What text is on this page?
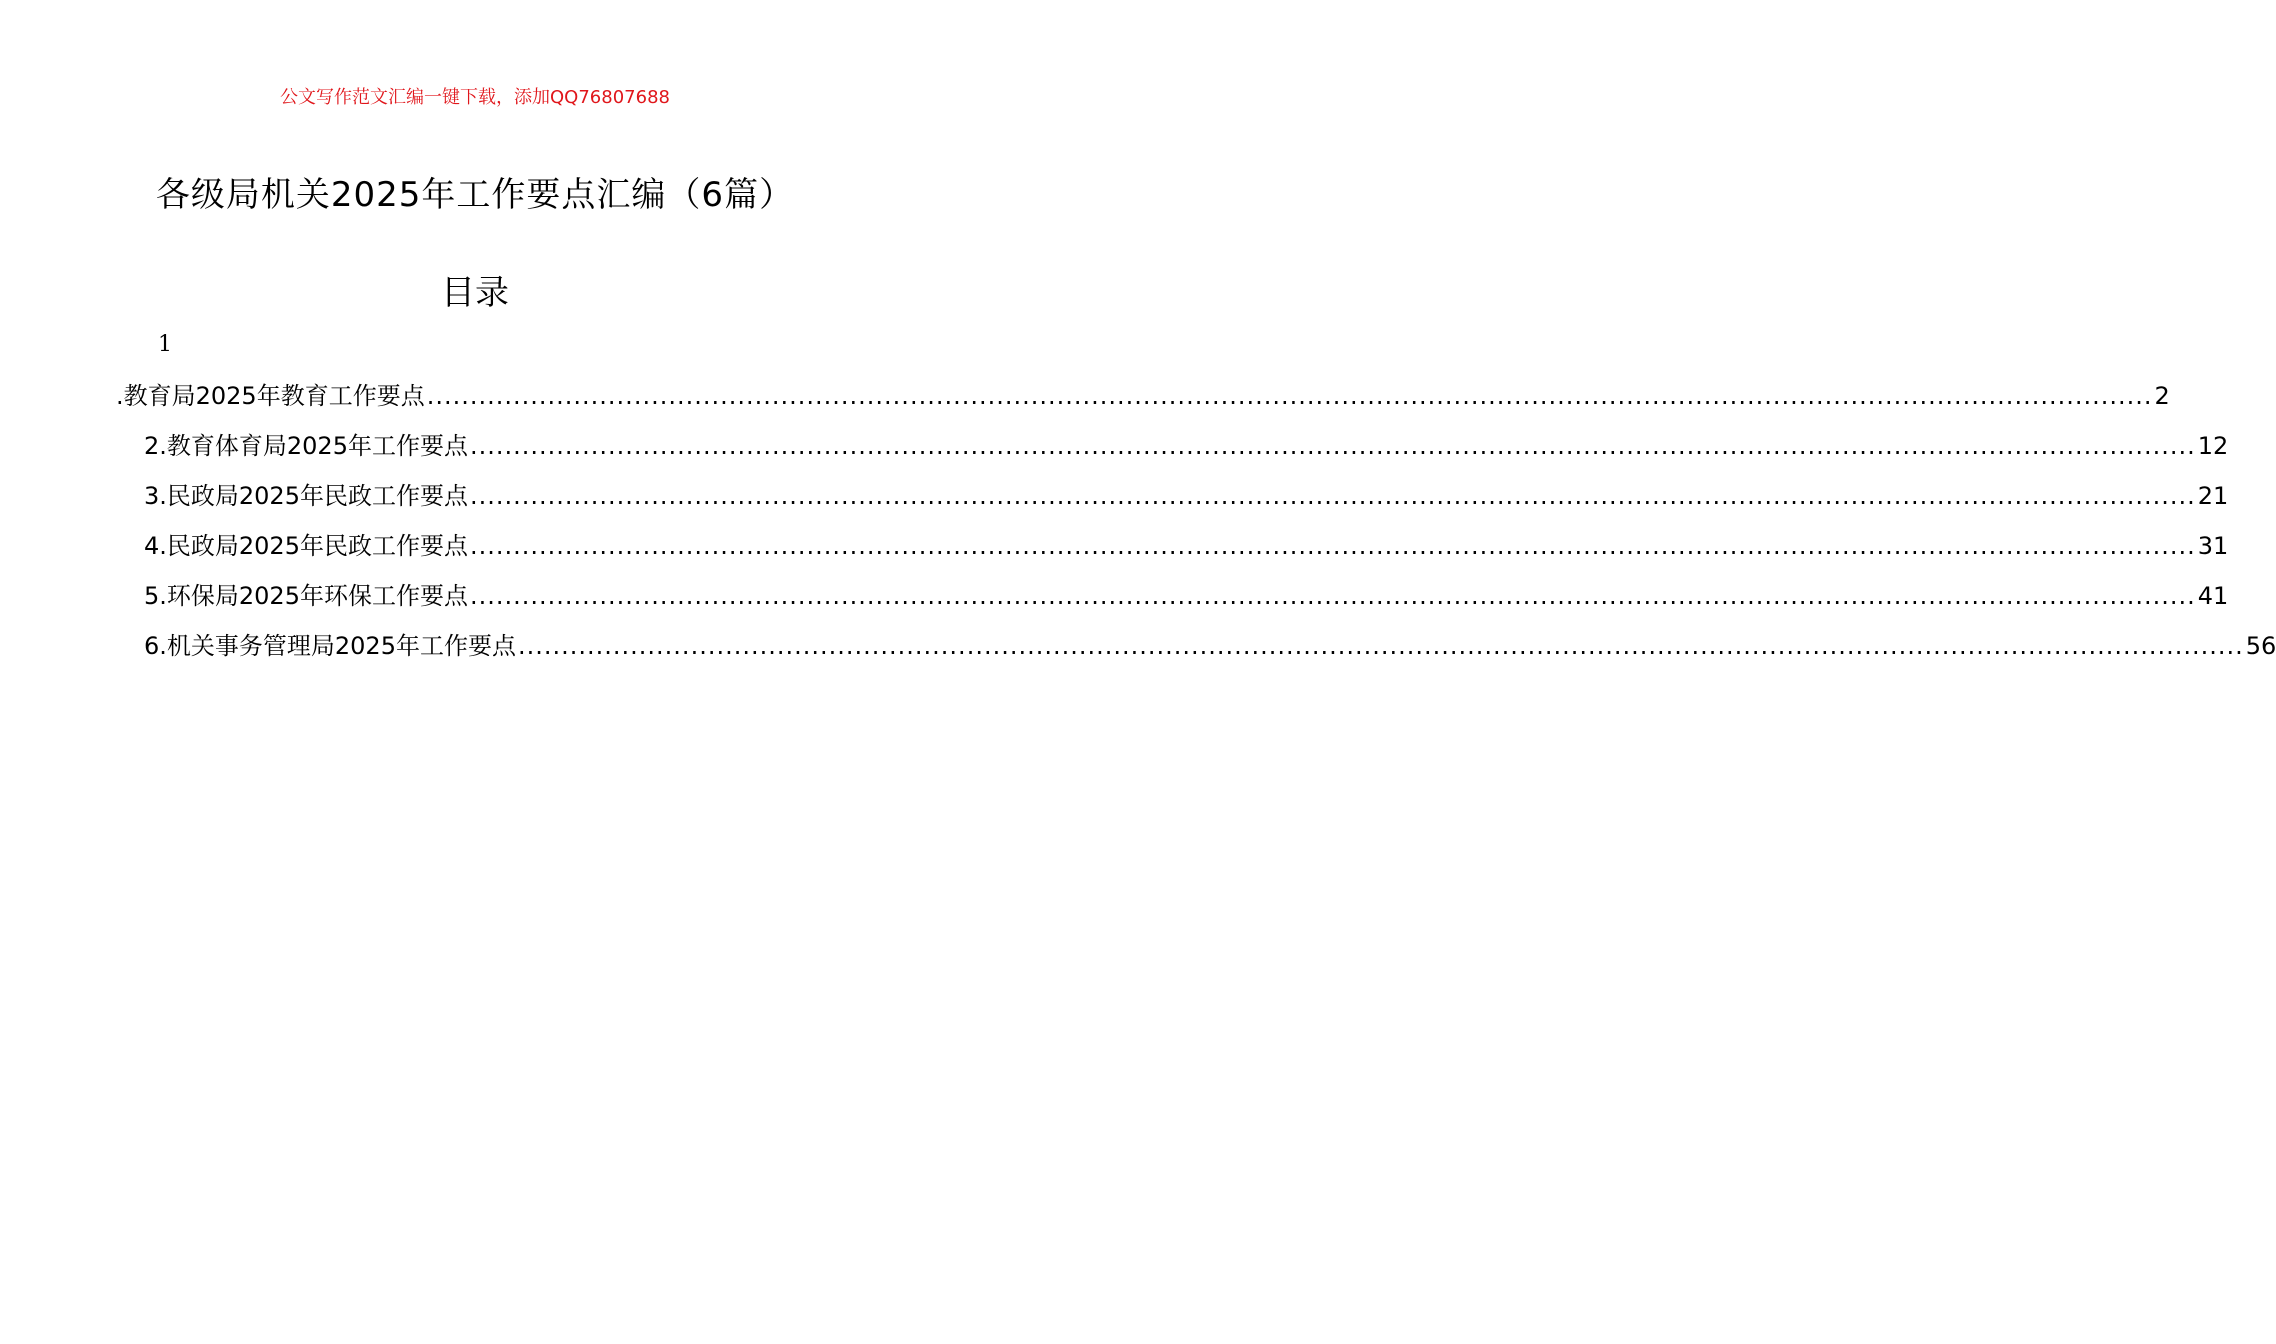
公文写作范文汇编一键下载，添加QQ76807688
各级局机关2025年工作要点汇编（6篇）
目录
1
.教育局2025年教育工作要点 ........................................................................................................................................................................................................ 2
2.教育体育局2025年工作要点 ........................................................................................................................................................................................................ 12
3.民政局2025年民政工作要点 ........................................................................................................................................................................................................ 21
4.民政局2025年民政工作要点 ........................................................................................................................................................................................................ 31
5.环保局2025年环保工作要点 ........................................................................................................................................................................................................ 41
6.机关事务管理局2025年工作要点 ........................................................................................................................................................................................................ 56
